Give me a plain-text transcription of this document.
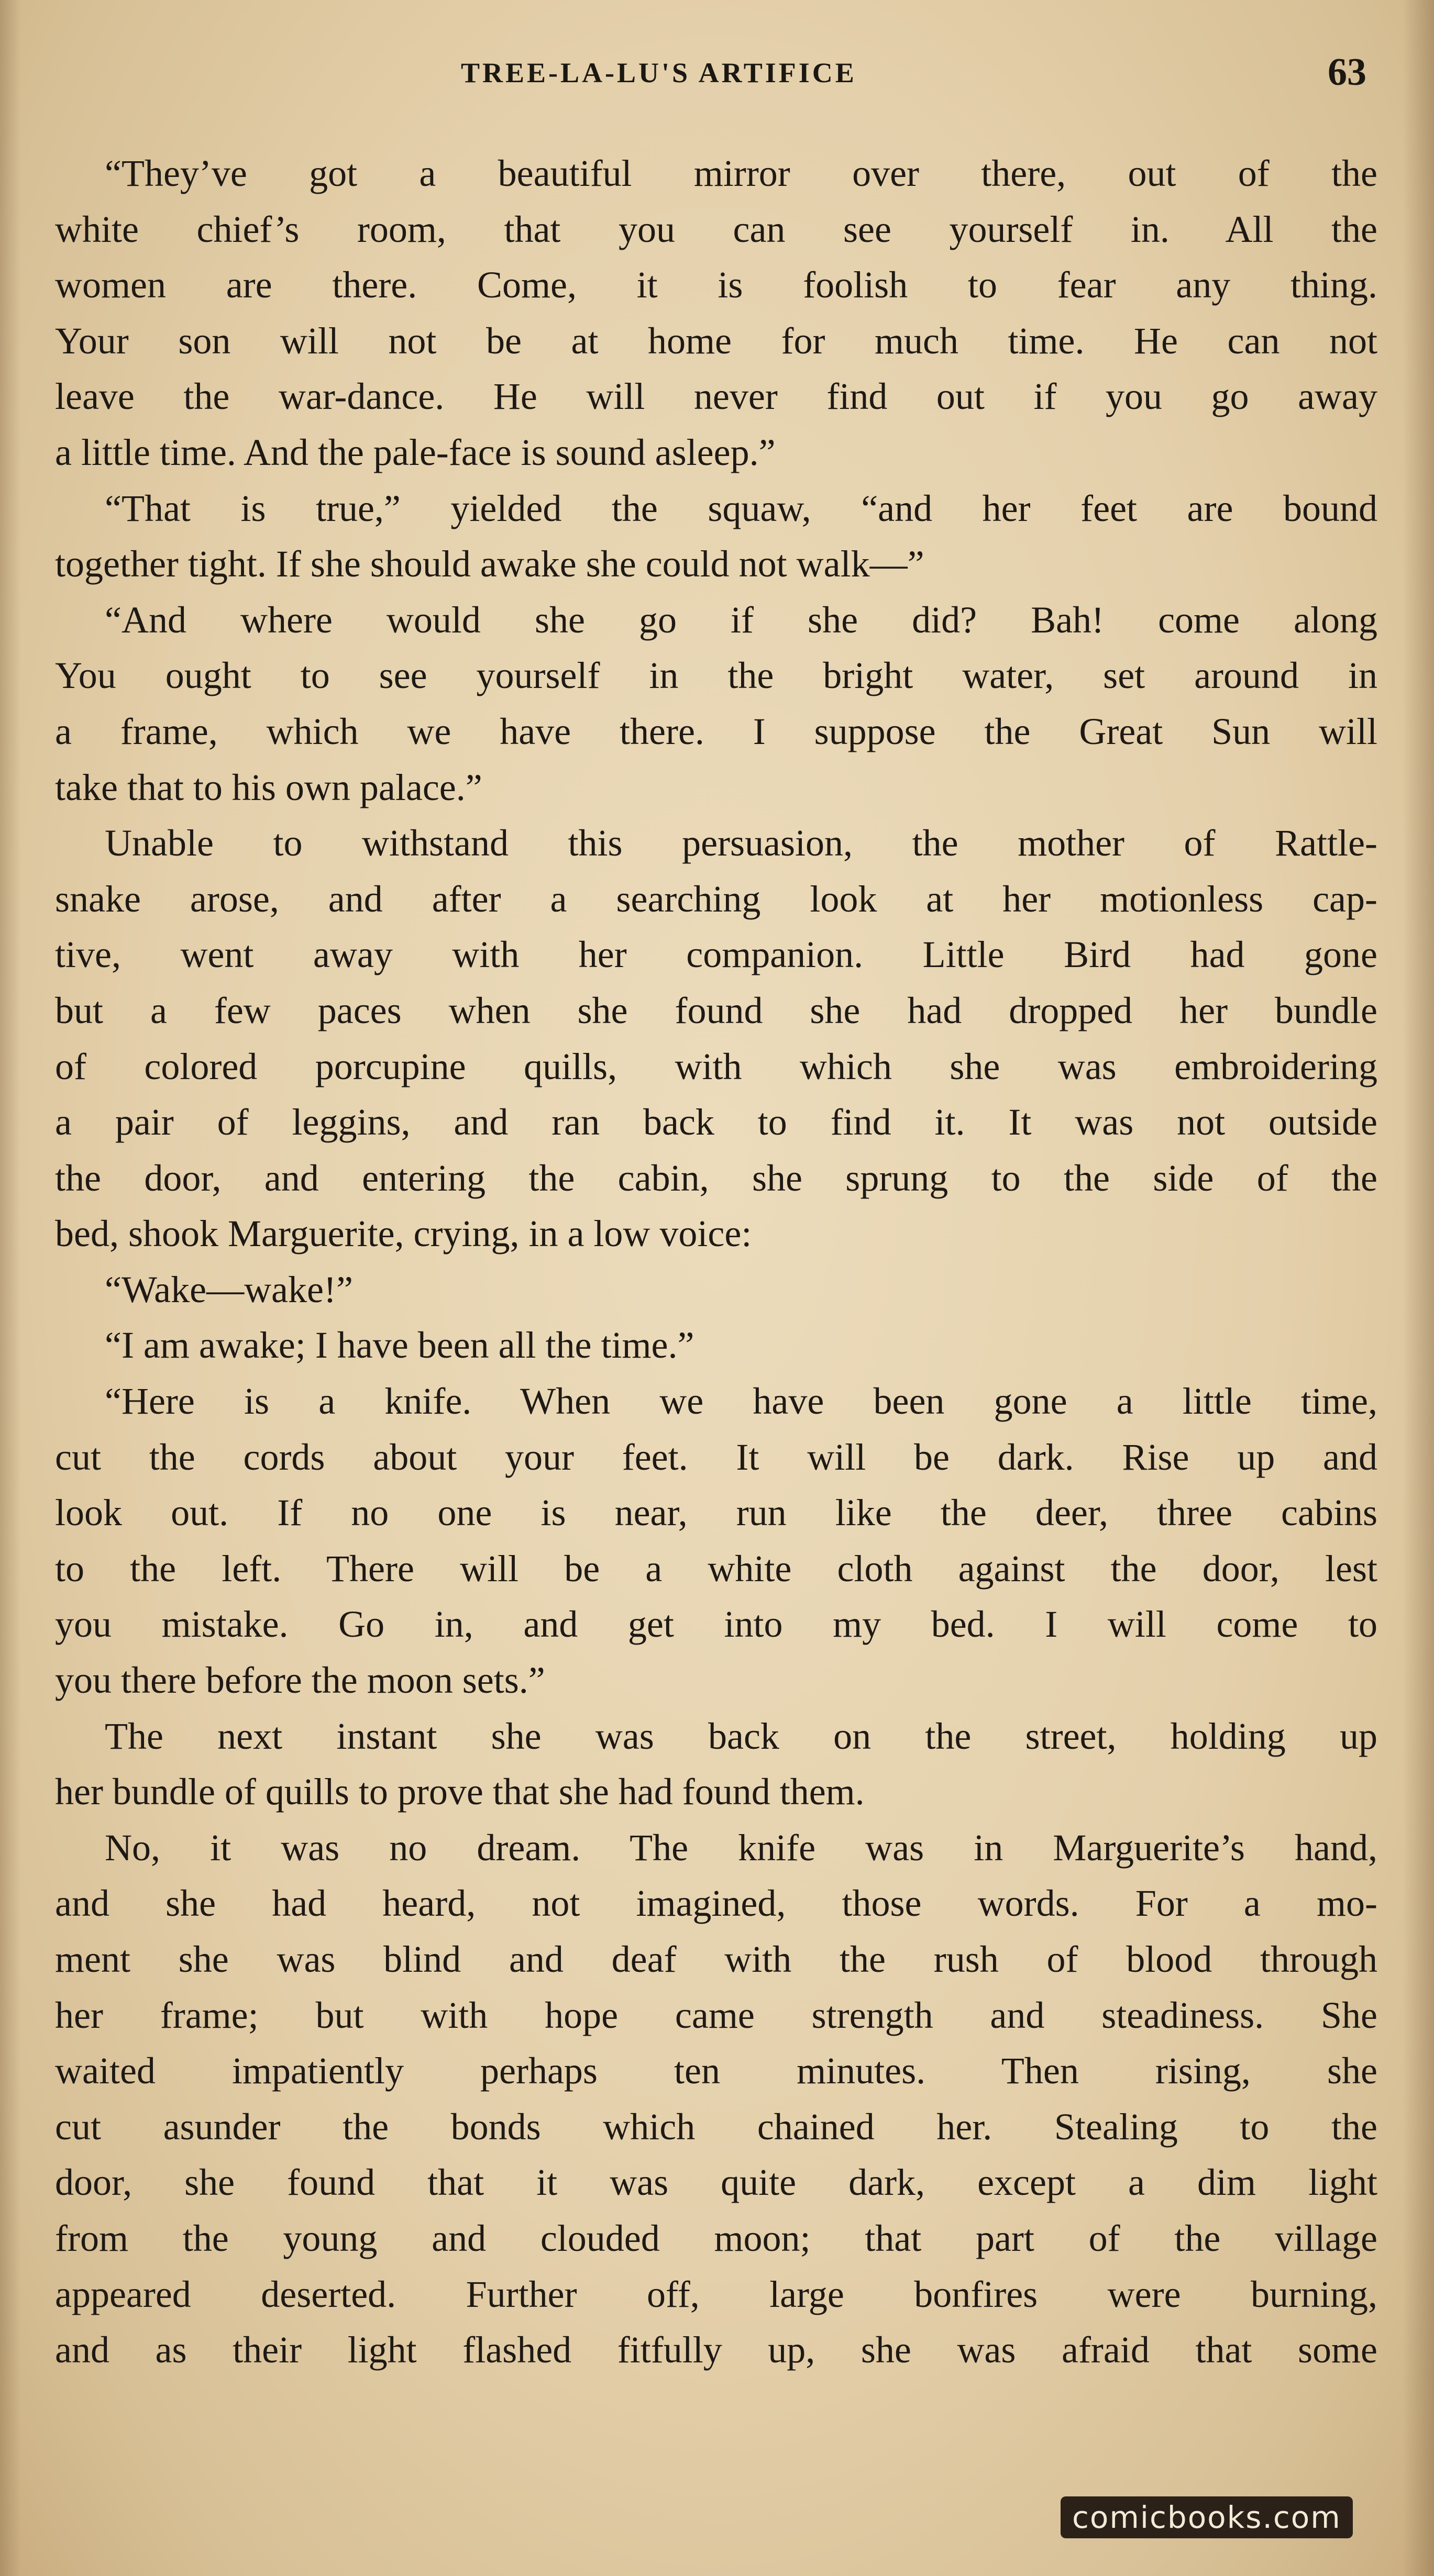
TREE-LA-LU'S ARTIFICE	63
“They’ve got a beautiful mirror over there, out of the
white chief’s room, that you can see yourself in. All the
women are there. Come, it is foolish to fear any thing.
Your son will not be at home for much time. He can not
leave the war-dance. He will never find out if you go away
a little time. And the pale-face is sound asleep.”
“That is true,” yielded the squaw, “and her feet are bound
together tight. If she should awake she could not walk—”
“And where would she go if she did? Bah! come along
You ought to see yourself in the bright water, set around in
a frame, which we have there. I suppose the Great Sun will
take that to his own palace.”
Unable to withstand this persuasion, the mother of Rattle-
snake arose, and after a searching look at her motionless cap-
tive, went away with her companion. Little Bird had gone
but a few paces when she found she had dropped her bundle
of colored porcupine quills, with which she was embroidering
a pair of leggins, and ran back to find it. It was not outside
the door, and entering the cabin, she sprung to the side of the
bed, shook Marguerite, crying, in a low voice:
“Wake—wake!”
“I am awake; I have been all the time.”
“Here is a knife. When we have been gone a little time,
cut the cords about your feet. It will be dark. Rise up and
look out. If no one is near, run like the deer, three cabins
to the left. There will be a white cloth against the door, lest
you mistake. Go in, and get into my bed. I will come to
you there before the moon sets.”
The next instant she was back on the street, holding up
her bundle of quills to prove that she had found them.
No, it was no dream. The knife was in Marguerite’s hand,
and she had heard, not imagined, those words. For a mo-
ment she was blind and deaf with the rush of blood through
her frame; but with hope came strength and steadiness. She
waited impatiently perhaps ten minutes. Then rising, she
cut asunder the bonds which chained her. Stealing to the
door, she found that it was quite dark, except a dim light
from the young and clouded moon; that part of the village
appeared deserted. Further off, large bonfires were burning,
and as their light flashed fitfully up, she was afraid that some
comicbooks.com
